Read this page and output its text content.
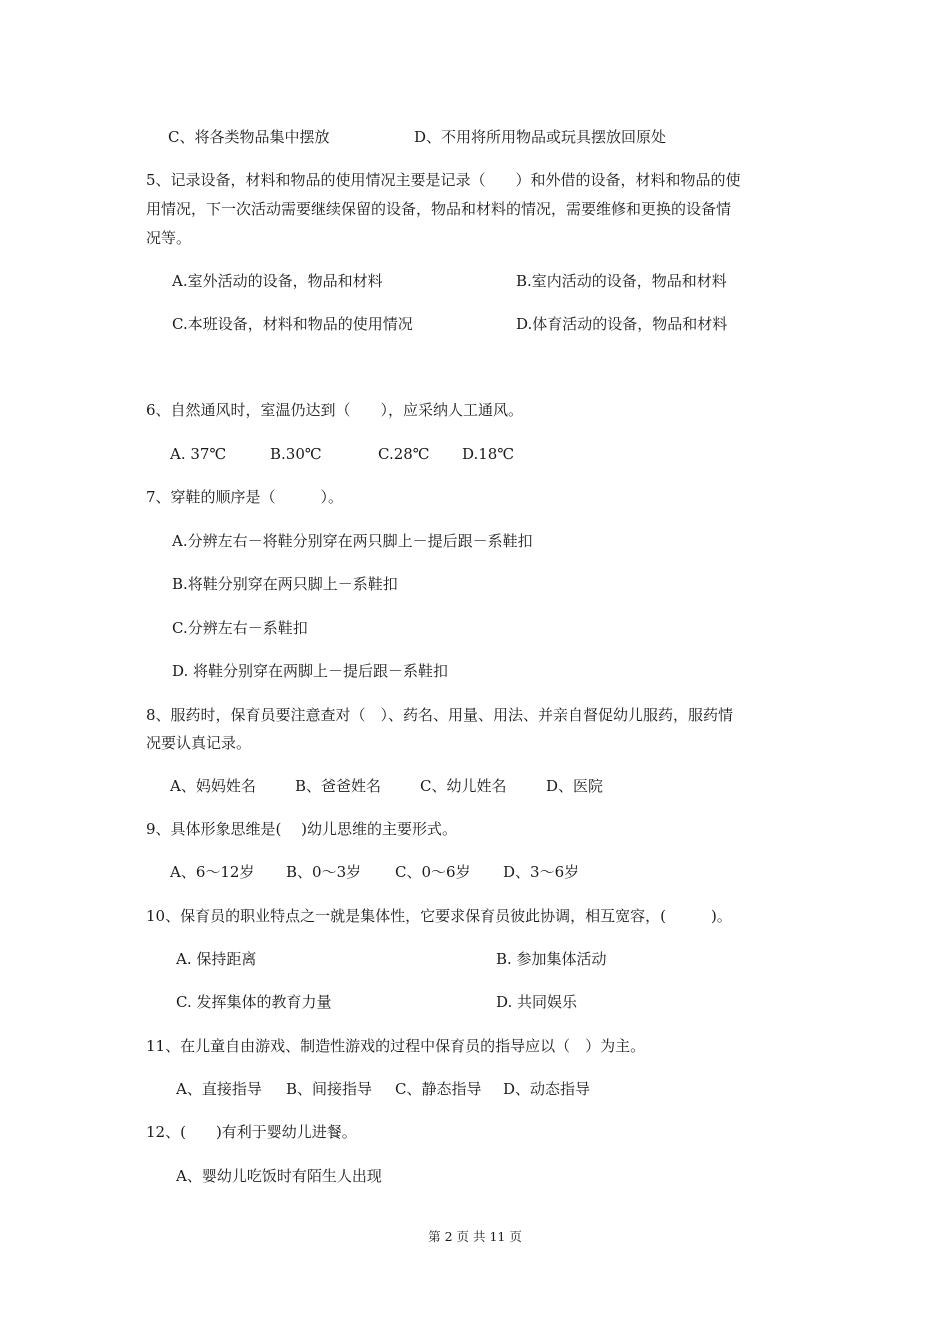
C、将各类物品集中摆放	D、不用将所用物品或玩具摆放回原处

5、记录设备，材料和物品的使用情况主要是记录（　　）和外借的设备，材料和物品的使

用情况，下一次活动需要继续保留的设备，物品和材料的情况，需要维修和更换的设备情

况等。

A.室外活动的设备，物品和材料	B.室内活动的设备，物品和材料

C.本班设备，材料和物品的使用情况	D.体育活动的设备，物品和材料

6、自然通风时，室温仍达到（　　），应采纳人工通风。

A. 37℃	B.30℃	C.28℃ D.18℃

7、穿鞋的顺序是（　　　）。

A.分辨左右－将鞋分别穿在两只脚上－提后跟－系鞋扣

B.将鞋分别穿在两只脚上－系鞋扣

C.分辨左右－系鞋扣

D. 将鞋分别穿在两脚上－提后跟－系鞋扣

8、服药时，保育员要注意查对（　）、药名、用量、用法、并亲自督促幼儿服药，服药情

况要认真记录。

A、妈妈姓名	B、爸爸姓名	C、幼儿姓名	D、医院

9、具体形象思维是(　 )幼儿思维的主要形式。

A、6～12岁 B、0～3岁 C、0～6岁 D、3～6岁

10、保育员的职业特点之一就是集体性，它要求保育员彼此协调，相互宽容，(　　　)。

A. 保持距离	B. 参加集体活动

C. 发挥集体的教育力量	D. 共同娱乐

11、在儿童自由游戏、制造性游戏的过程中保育员的指导应以（　）为主。

A、直接指导 B、间接指导 C、静态指导 D、动态指导

12、(　　)有利于婴幼儿进餐。

A、婴幼儿吃饭时有陌生人出现

第 2 页 共 11 页
